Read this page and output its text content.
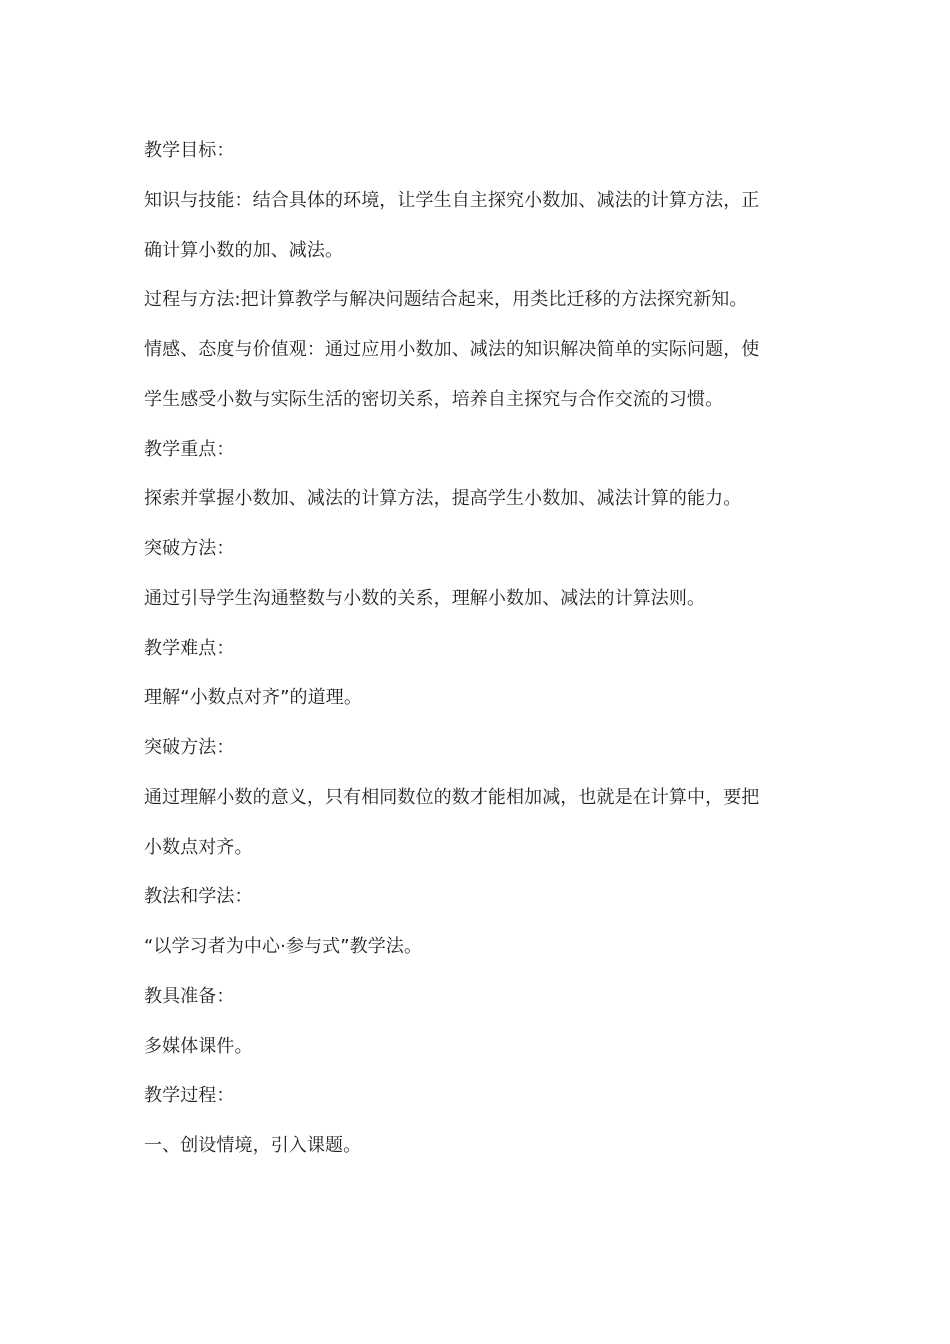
教学目标：
知识与技能：结合具体的环境，让学生自主探究小数加、减法的计算方法，正
确计算小数的加、减法。
过程与方法:把计算教学与解决问题结合起来，用类比迁移的方法探究新知。
情感、态度与价值观：通过应用小数加、减法的知识解决简单的实际问题，使
学生感受小数与实际生活的密切关系，培养自主探究与合作交流的习惯。
教学重点：
探索并掌握小数加、减法的计算方法，提高学生小数加、减法计算的能力。
突破方法：
通过引导学生沟通整数与小数的关系，理解小数加、减法的计算法则。
教学难点：
理解“小数点对齐”的道理。
突破方法：
通过理解小数的意义，只有相同数位的数才能相加减，也就是在计算中，要把
小数点对齐。
教法和学法：
“以学习者为中心·参与式”教学法。
教具准备：
多媒体课件。
教学过程：
一、创设情境，引入课题。
